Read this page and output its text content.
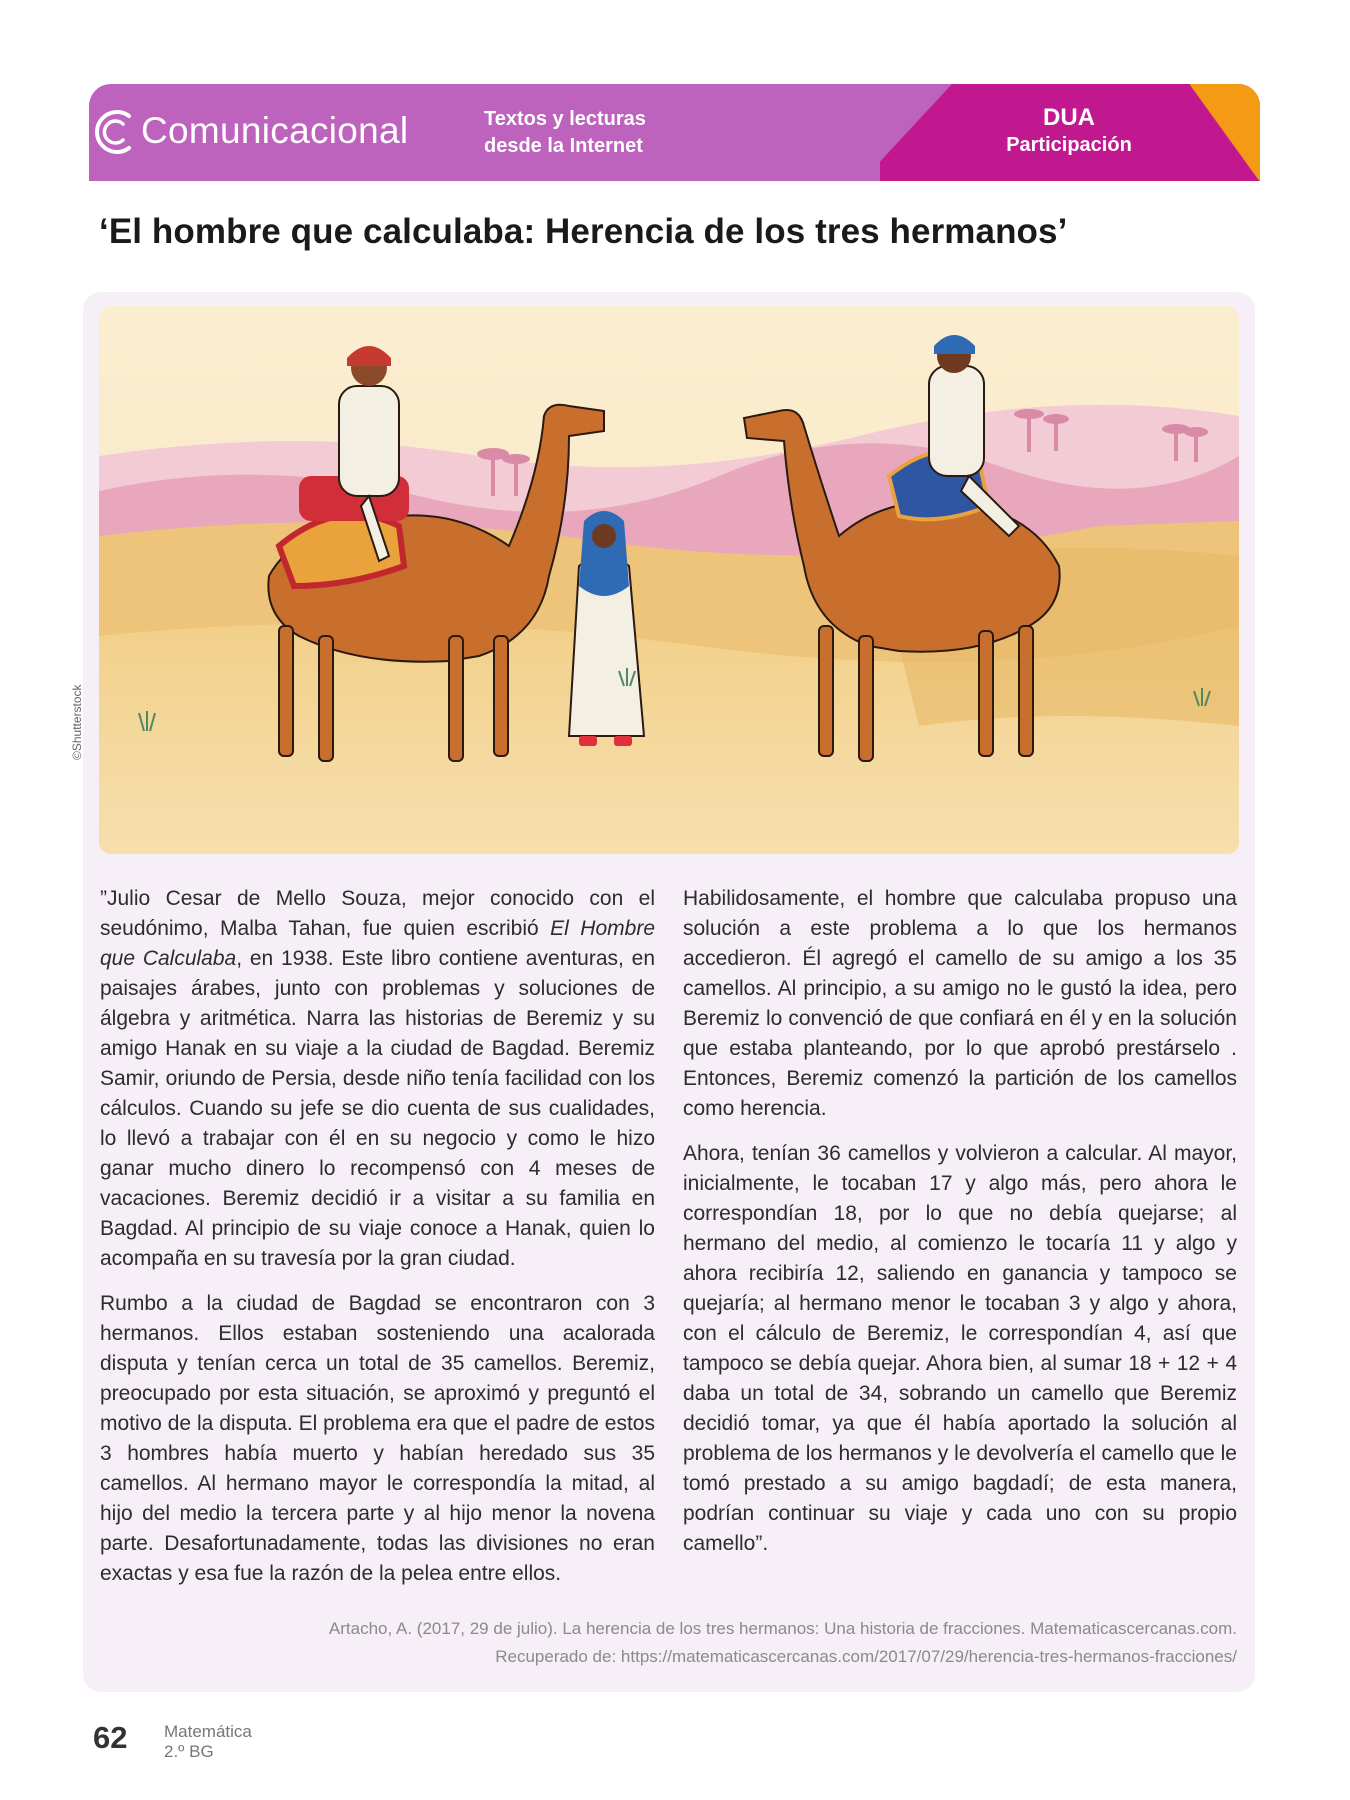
Comunicacional	Textos y lecturas
desde la Internet
DUA
Participación
‘El hombre que calculaba: Herencia de los tres hermanos’
©Shutterstock

”Julio Cesar de Mello Souza, mejor conocido con el seudónimo, Malba Tahan, fue quien escribió El Hombre que Calculaba, en 1938. Este libro contiene aventuras, en paisajes árabes, junto con problemas y soluciones de álgebra y aritmética. Narra las historias de Beremiz y su amigo Hanak en su viaje a la ciudad de Bagdad. Beremiz Samir, oriundo de Persia, desde niño tenía facilidad con los cálculos. Cuando su jefe se dio cuenta de sus cualidades, lo llevó a trabajar con él en su negocio y como le hizo ganar mucho dinero lo recompensó con 4 meses de vacaciones. Beremiz decidió ir a visitar a su familia en Bagdad. Al principio de su viaje conoce a Hanak, quien lo acompaña en su travesía por la gran ciudad.

Rumbo a la ciudad de Bagdad se encontraron con 3 hermanos. Ellos estaban sosteniendo una acalorada disputa y tenían cerca un total de 35 camellos. Beremiz, preocupado por esta situación, se aproximó y preguntó el motivo de la disputa. El problema era que el padre de estos 3 hombres había muerto y habían heredado sus 35 camellos. Al hermano mayor le correspondía la mitad, al hijo del medio la tercera parte y al hijo menor la novena parte. Desafortunadamente, todas las divisiones no eran exactas y esa fue la razón de la pelea entre ellos.

Habilidosamente, el hombre que calculaba propuso una solución a este problema a lo que los hermanos accedieron. Él agregó el camello de su amigo a los 35 camellos. Al principio, a su amigo no le gustó la idea, pero Beremiz lo convenció de que confiará en él y en la solución que estaba planteando, por lo que aprobó prestárselo . Entonces, Beremiz comenzó la partición de los camellos como herencia.

Ahora, tenían 36 camellos y volvieron a calcular. Al mayor, inicialmente, le tocaban 17 y algo más, pero ahora le correspondían 18, por lo que no debía quejarse; al hermano del medio, al comienzo le tocaría 11 y algo y ahora recibiría 12, saliendo en ganancia y tampoco se quejaría; al hermano menor le tocaban 3 y algo y ahora, con el cálculo de Beremiz, le correspondían 4, así que tampoco se debía quejar. Ahora bien, al sumar 18 + 12 + 4 daba un total de 34, sobrando un camello que Beremiz decidió tomar, ya que él había aportado la solución al problema de los hermanos y le devolvería el camello que le tomó prestado a su amigo bagdadí; de esta manera, podrían continuar su viaje y cada uno con su propio camello”.

Artacho, A. (2017, 29 de julio). La herencia de los tres hermanos: Una historia de fracciones. Matematicascercanas.com.
Recuperado de: https://matematicascercanas.com/2017/07/29/herencia-tres-hermanos-fracciones/
62 Matemática
2.º BG
